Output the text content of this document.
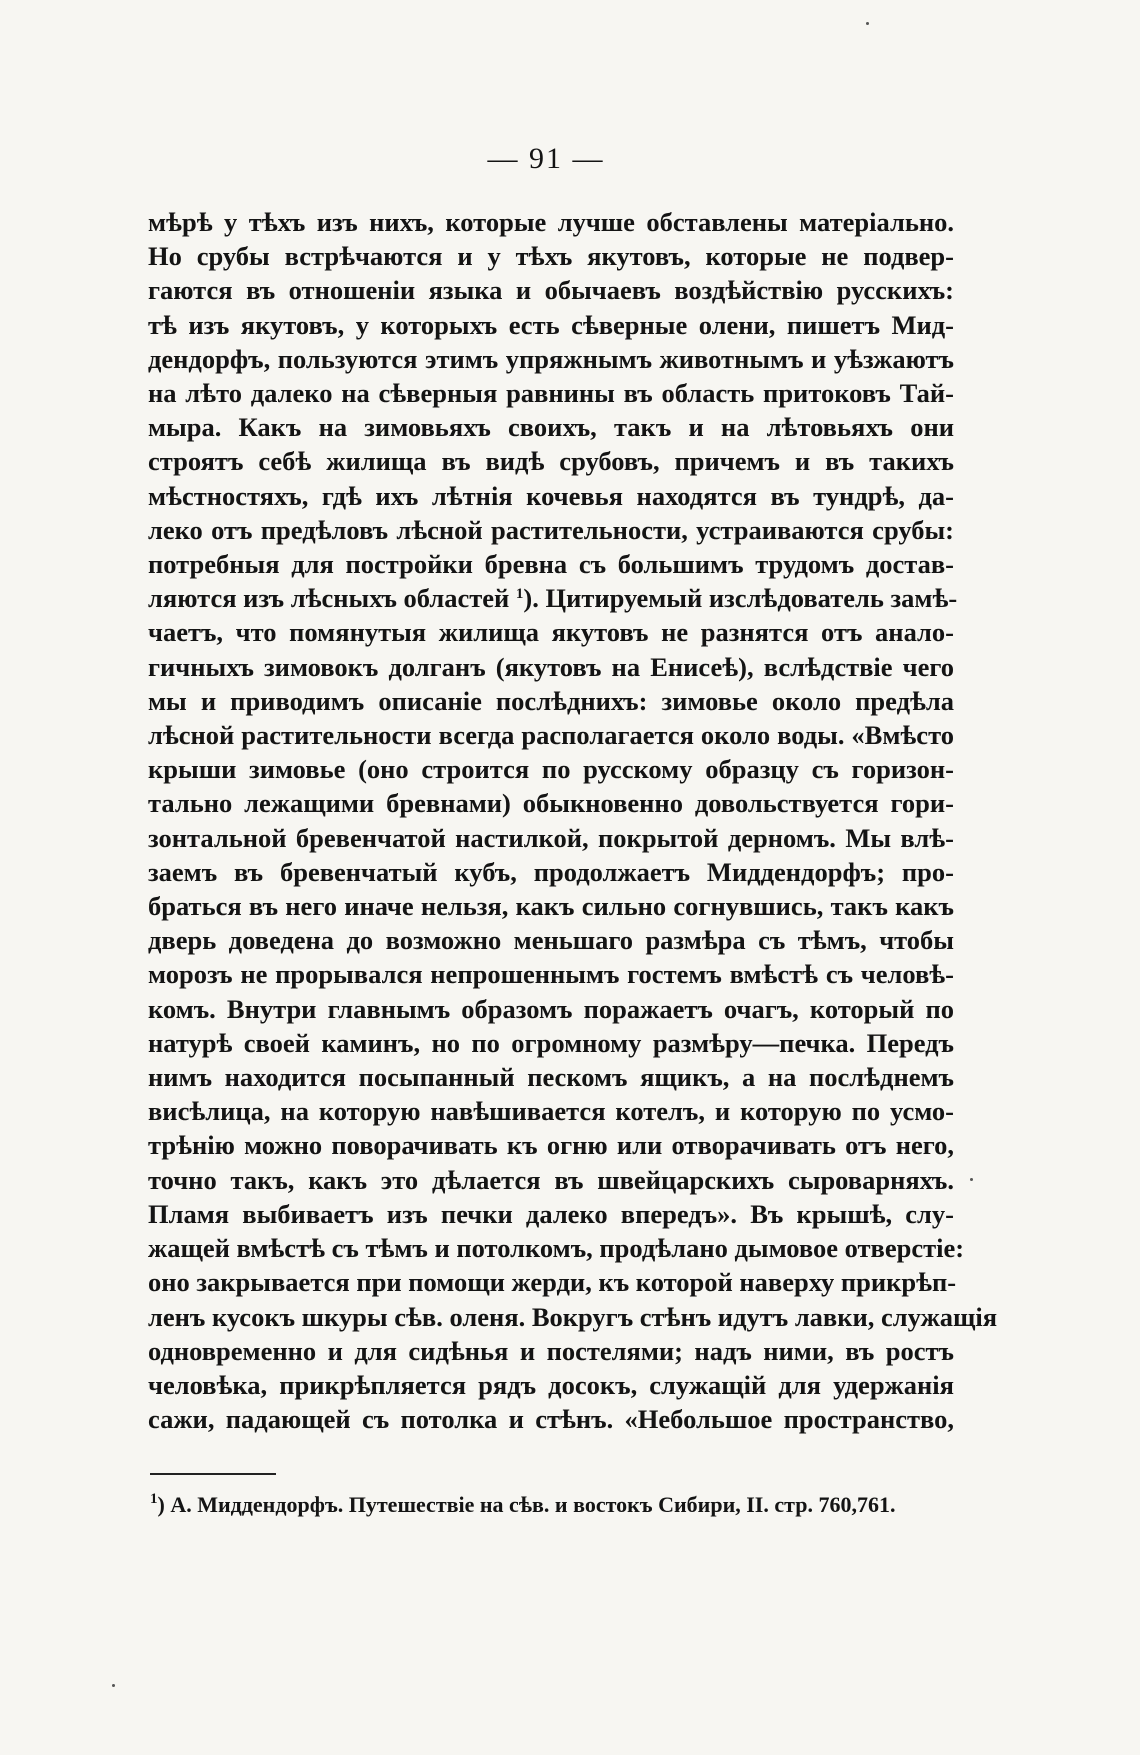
— 91 —
мѣрѣ у тѣхъ изъ нихъ, которые лучше обставлены матеріально.
Но срубы встрѣчаются и у тѣхъ якутовъ, которые не подвер-
гаются въ отношеніи языка и обычаевъ воздѣйствію русскихъ:
тѣ изъ якутовъ, у которыхъ есть сѣверные олени, пишетъ Мид-
дендорфъ, пользуются этимъ упряжнымъ животнымъ и уѣзжаютъ
на лѣто далеко на сѣверныя равнины въ область притоковъ Тай-
мыра. Какъ на зимовьяхъ своихъ, такъ и на лѣтовьяхъ они
строятъ себѣ жилища въ видѣ срубовъ, причемъ и въ такихъ
мѣстностяхъ, гдѣ ихъ лѣтнія кочевья находятся въ тундрѣ, да-
леко отъ предѣловъ лѣсной растительности, устраиваются срубы:
потребныя для постройки бревна съ большимъ трудомъ достав-
ляются изъ лѣсныхъ областей $^1$). Цитируемый изслѣдователь замѣ-
чаетъ, что помянутыя жилища якутовъ не разнятся отъ анало-
гичныхъ зимовокъ долганъ (якутовъ на Енисеѣ), вслѣдствіе чего
мы и приводимъ описаніе послѣднихъ: зимовье около предѣла
лѣсной растительности всегда располагается около воды. «Вмѣсто
крыши зимовье (оно строится по русскому образцу съ горизон-
тально лежащими бревнами) обыкновенно довольствуется гори-
зонтальной бревенчатой настилкой, покрытой дерномъ. Мы влѣ-
заемъ въ бревенчатый кубъ, продолжаетъ Миддендорфъ; про-
браться въ него иначе нельзя, какъ сильно согнувшись, такъ какъ
дверь доведена до возможно меньшаго размѣра съ тѣмъ, чтобы
морозъ не прорывался непрошеннымъ гостемъ вмѣстѣ съ человѣ-
комъ. Внутри главнымъ образомъ поражаетъ очагъ, который по
натурѣ своей каминъ, но по огромному размѣру—печка. Передъ
нимъ находится посыпанный пескомъ ящикъ, а на послѣднемъ
висѣлица, на которую навѣшивается котелъ, и которую по усмо-
трѣнію можно поворачивать къ огню или отворачивать отъ него,
точно такъ, какъ это дѣлается въ швейцарскихъ сыроварняхъ.
Пламя выбиваетъ изъ печки далеко впередъ». Въ крышѣ, слу-
жащей вмѣстѣ съ тѣмъ и потолкомъ, продѣлано дымовое отверстіе:
оно закрывается при помощи жерди, къ которой наверху прикрѣп-
ленъ кусокъ шкуры сѣв. оленя. Вокругъ стѣнъ идутъ лавки, служащія
одновременно и для сидѣнья и постелями; надъ ними, въ ростъ
человѣка, прикрѣпляется рядъ досокъ, служащій для удержанія
сажи, падающей съ потолка и стѣнъ. «Небольшое пространство,
$^1$) А. Миддендорфъ. Путешествіе на сѣв. и востокъ Сибири, II. стр. 760,761.
